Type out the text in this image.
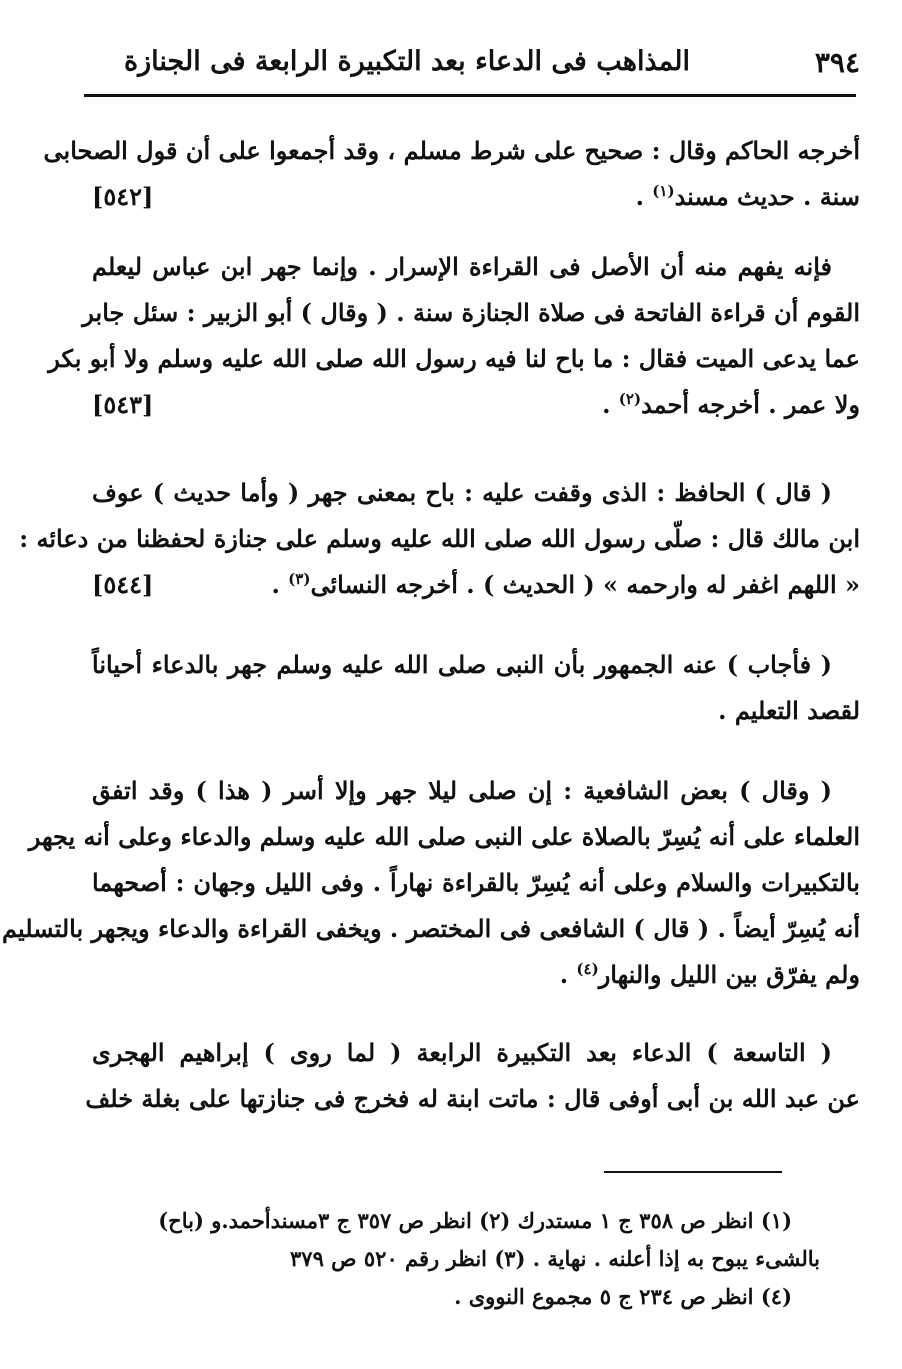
٣٩٤
المذاهب فى الدعاء بعد التكبيرة الرابعة فى الجنازة
أخرجه الحاكم وقال : صحيح على شرط مسلم ، وقد أجمعوا على أن قول الصحابى
سنة . حديث مسند$^{(١)}$ .
[٥٤٢]
فإنه يفهم منه أن الأصل فى القراءة الإسرار . وإنما جهر ابن عباس ليعلم
القوم أن قراءة الفاتحة فى صلاة الجنازة سنة . ( وقال ) أبو الزبير : سئل جابر
عما يدعى الميت فقال : ما باح لنا فيه رسول الله صلى الله عليه وسلم ولا أبو بكر
ولا عمر . أخرجه أحمد$^{(٢)}$ .
[٥٤٣]
( قال ) الحافظ : الذى وقفت عليه : باح بمعنى جهر ( وأما حديث ) عوف
ابن مالك قال : صلّى رسول الله صلى الله عليه وسلم على جنازة لحفظنا من دعائه :
« اللهم اغفر له وارحمه » ( الحديث ) . أخرجه النسائى$^{(٣)}$ .
[٥٤٤]
( فأجاب ) عنه الجمهور بأن النبى صلى الله عليه وسلم جهر بالدعاء أحياناً
لقصد التعليم .
( وقال ) بعض الشافعية : إن صلى ليلا جهر وإلا أسر ( هذا ) وقد اتفق
العلماء على أنه يُسِرّ بالصلاة على النبى صلى الله عليه وسلم والدعاء وعلى أنه يجهر
بالتكبيرات والسلام وعلى أنه يُسِرّ بالقراءة نهاراً . وفى الليل وجهان : أصحهما
أنه يُسِرّ أيضاً . ( قال ) الشافعى فى المختصر . ويخفى القراءة والدعاء ويجهر بالتسليم
ولم يفرّق بين الليل والنهار$^{(٤)}$ .
( التاسعة ) الدعاء بعد التكبيرة الرابعة ( لما روى ) إبراهيم الهجرى
عن عبد الله بن أبى أوفى قال : ماتت ابنة له فخرج فى جنازتها على بغلة خلف
(١) انظر ص ٣٥٨ ج ١ مستدرك (٢) انظر ص ٣٥٧ ج ٣مسندأحمد.و (باح)
بالشىء يبوح به إذا أعلنه . نهاية . (٣) انظر رقم ٥٢٠ ص ٣٧٩
(٤) انظر ص ٢٣٤ ج ٥ مجموع النووى .
